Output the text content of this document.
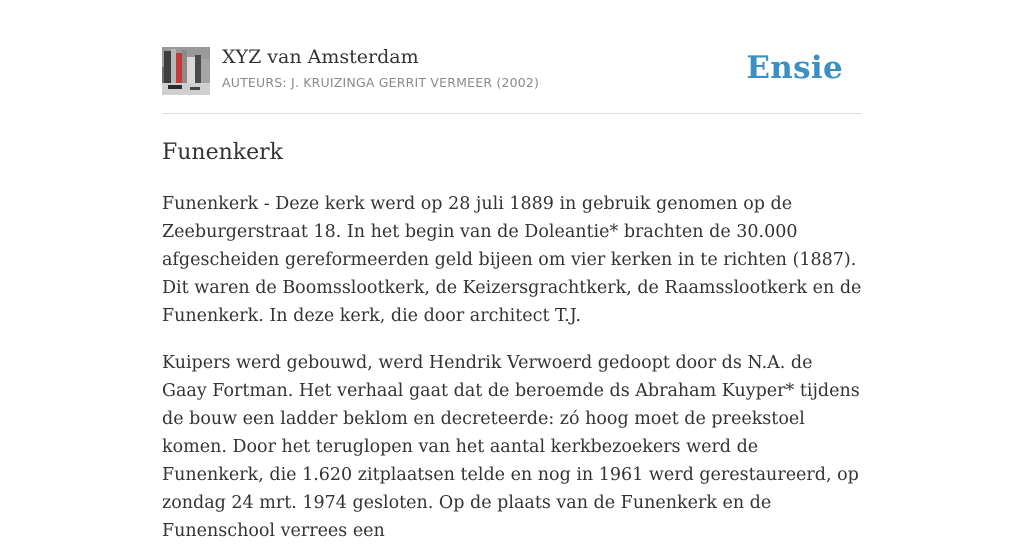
XYZ van Amsterdam
AUTEURS: J. KRUIZINGA GERRIT VERMEER (2002)	Ensie
Funenkerk

Funenkerk - Deze kerk werd op 28 juli 1889 in gebruik genomen op de Zeeburgerstraat 18. In het begin van de Doleantie* brachten de 30.000 afgescheiden gereformeerden geld bijeen om vier kerken in te richten (1887). Dit waren de Boomsslootkerk, de Keizersgrachtkerk, de Raamsslootkerk en de Funenkerk. In deze kerk, die door architect T.J.

Kuipers werd gebouwd, werd Hendrik Verwoerd gedoopt door ds N.A. de Gaay Fortman. Het verhaal gaat dat de beroemde ds Abraham Kuyper* tijdens de bouw een ladder beklom en decreteerde: zó hoog moet de preekstoel komen. Door het teruglopen van het aantal kerkbezoekers werd de Funenkerk, die 1.620 zitplaatsen telde en nog in 1961 werd gerestaureerd, op zondag 24 mrt. 1974 gesloten. Op de plaats van de Funenkerk en de Funenschool verrees een
